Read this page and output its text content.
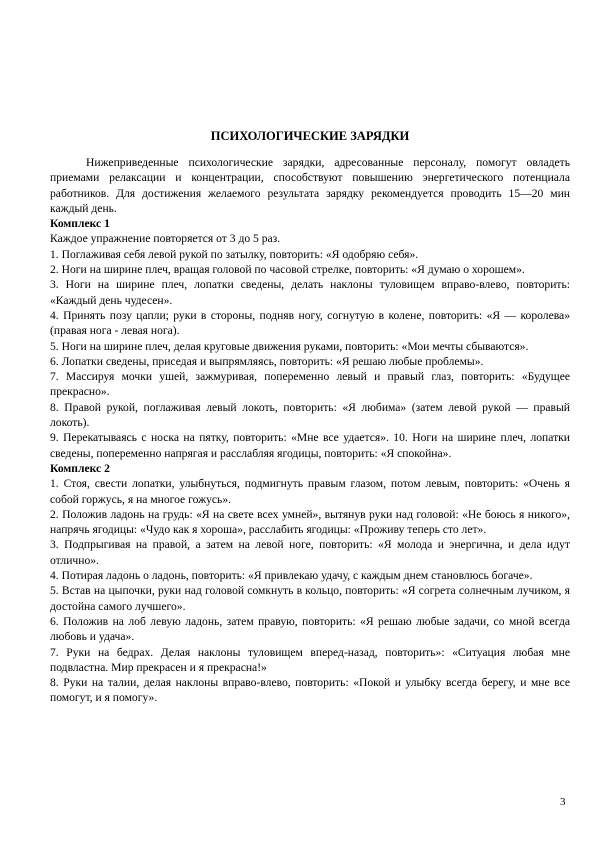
ПСИХОЛОГИЧЕСКИЕ ЗАРЯДКИ

Нижеприведенные психологические зарядки, адресованные персоналу, помогут овладеть приемами релаксации и концентрации, способствуют повышению энергетического потенциала работников. Для достижения желаемого результата зарядку рекомендуется проводить 15—20 мин каждый день.

Комплекс 1

Каждое упражнение повторяется от 3 до 5 раз.

1. Поглаживая себя левой рукой по затылку, повторить: «Я одобряю себя».

2. Ноги на ширине плеч, вращая головой по часовой стрелке, повторить: «Я думаю о хорошем».

3. Ноги на ширине плеч, лопатки сведены, делать наклоны туловищем вправо-влево, повторить: «Каждый день чудесен».

4. Принять позу цапли; руки в стороны, подняв ногу, согнутую в колене, повторить: «Я — королева» (правая нога - левая нога).

5. Ноги на ширине плеч, делая круговые движения руками, повторить: «Мои мечты сбываются».

6. Лопатки сведены, приседая и выпрямляясь, повторить: «Я решаю любые проблемы».

7. Массируя мочки ушей, зажмуривая, попеременно левый и правый глаз, повторить: «Будущее прекрасно».

8. Правой рукой, поглаживая левый локоть, повторить: «Я любима» (затем левой рукой — правый локоть).

9. Перекатываясь с носка на пятку, повторить: «Мне все удается». 10. Ноги на ширине плеч, лопатки сведены, попеременно напрягая и расслабляя ягодицы, повторить: «Я спокойна».

Комплекс 2

1. Стоя, свести лопатки, улыбнуться, подмигнуть правым глазом, потом левым, повторить: «Очень я собой горжусь, я на многое гожусь».

2. Положив ладонь на грудь: «Я на свете всех умней», вытянув руки над головой: «Не боюсь я никого», напрячь ягодицы: «Чудо как я хороша», расслабить ягодицы: «Проживу теперь сто лет».

3. Подпрыгивая на правой, а затем на левой ноге, повторить: «Я молода и энергична, и дела идут отлично».

4. Потирая ладонь о ладонь, повторить: «Я привлекаю удачу, с каждым днем становлюсь богаче».

5. Встав на цыпочки, руки над головой сомкнуть в кольцо, повторить: «Я согрета солнечным лучиком, я достойна самого лучшего».

6. Положив на лоб левую ладонь, затем правую, повторить: «Я решаю любые задачи, со мной всегда любовь и удача».

7. Руки на бедрах. Делая наклоны туловищем вперед-назад, повторить»: «Ситуация любая мне подвластна. Мир прекрасен и я прекрасна!»

8. Руки на талии, делая наклоны вправо-влево, повторить: «Покой и улыбку всегда берегу, и мне все помогут, и я помогу».

3
